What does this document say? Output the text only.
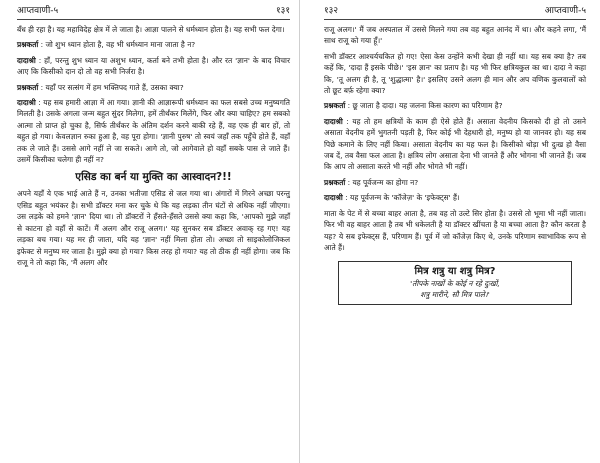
आप्तवाणी-५	१३१

बँध ही रहा है। यह महाविदेह क्षेत्र में ले जाता है। आज्ञा पालने से धर्मध्यान होता है। यह सभी फल देगा।

प्रश्नकर्ता : जो शुभ ध्यान होता है, वह भी धर्मध्यान माना जाता है न?

दादाश्री : हाँ, परन्तु शुभ ध्यान या अशुभ ध्यान, कर्ता बने तभी होता है। और रत 'ज्ञान' के बाद विचार आए कि किसीको दान दो तो वह सभी निर्जरा है।

प्रश्नकर्ता : यहाँ पर सत्संग में हम भक्तिपद गाते हैं, उसका क्या?

दादाश्री : यह सब हमारी आज्ञा में आ गया। ज्ञानी की आज्ञारूपी धर्मध्यान का फल सबसे उच्च मनुष्यगति मिलती है। उसके अगला जन्म बहुत सुंदर मिलेगा, हमें तीर्थंकर मिलेंगे, फिर और क्या चाहिए? हम सबको आत्मा तो प्राप्त हो चुका है, सिर्फ तीर्थंकर के अंतिम दर्शन करने बाकी रहे हैं, वह एक ही बार हों, तो बहुत हो गया। केवलज्ञान रुका हुआ है, वह पूरा होगा। 'ज्ञानी पुरुष' तो स्वयं जहाँ तक पहुँचे होते हैं, वहाँ तक ले जाते हैं। उससे आगे नहीं ले जा सकते। आगे तो, जो आगेवाले हो वहाँ सबके पास ले जाते हैं। उसमें किसीका चलेगा ही नहीं न?

एसिड का बर्न या मुक्ति का आस्वादन?!!

अपने यहाँ ये एक भाई आते हैं न, उनका भतीजा एसिड से जल गया था। अंगारों में गिरने अच्छा परन्तु एसिड बहुत भयंकर है। सभी डॉक्टर मना कर चुके थे कि यह लड़का तीन घंटों से अधिक नहीं जीएगा। उस लड़के को हमने 'ज्ञान' दिया था। तो डॉक्टरों ने हँसते-हँसते उससे क्या कहा कि, 'आपको मुझे जहाँ से काटना हो वहाँ से काटें। मैं अलग और राजू अलग।' यह सुनकर सब डॉक्टर अवाक् रह गए! यह लड़का बच गया। यह मर ही जाता, यदि यह 'ज्ञान' नहीं मिला होता तो। अच्छा तो साइकोलोजिकल इफेक्ट से मनुष्य मर जाता है। मुझे क्या हो गया? किस तरह हो गया? यह तो ठीक ही नहीं होगा। जब कि राजू ने तो कहा कि, 'मैं अलग और

१३२	आप्तवाणी-५

राजू अलग।' मैं जब अस्पताल में उससे मिलने गया तब वह बहुत आनंद में था। और कहने लगा, 'मैं साथ राजू को गया हूँ।'

सभी डॉक्टर आश्चर्यचकित हो गए! ऐसा केस उन्होंने कभी देखा ही नहीं था। यह सब क्या है? तब कहें कि, 'दादा हैं इसके पीछे।' 'इस ज्ञान' का प्रताप है। यह भी फिर क्षत्रियकुल का था। दादा ने कहा कि, 'तू अलग ही है, तू 'शुद्धात्मा' है।' इसलिए उसने अलग ही मान और अप वणिक कुलवालों को तो छूट बर्फ़ रहेगा क्या?

प्रश्नकर्ता : छू जाता है दादा। यह जलना किस कारण का परिणाम है?

दादाश्री : यह तो हम क्षत्रियों के काम ही ऐसे होते हैं। असाता वेदनीय किसको दी हो तो उसने असाता वेदनीय हमें भुगतनी पड़ती है, फिर कोई भी देहधारी हो, मनुष्य हो या जानवर हो। यह सब पिछे कमाने के लिए नहीं किया। असाता वेदनीय का यह फल है। किसीको थोड़ा भी दुःख हो वैसा जब दें, तब वैसा फल आता है। क्षत्रिय लोग असाता देना भी जानते हैं और भोगना भी जानते हैं। जब कि आप तो असाता करते भी नहीं और भोगते भी नहीं।

प्रश्नकर्ता : यह पूर्वजन्म का होगा न?

दादाश्री : यह पूर्वजन्म के 'कॉजेज़' के 'इफेक्ट्स' हैं।

माता के पेट में से बच्चा बाहर आता है, तब वह तो उल्टे सिर होता है। उससे तो भूमा भी नहीं जाता। फिर भी वह बाहर आता है तब भी धकेलती है या डॉक्टर खींचता है या बच्चा आता है? कौन करता है यह? ये सब इफेक्ट्स हैं, परिणाम हैं। पूर्व में जो कॉजेज़ किए थे, उनके परिणाम स्वाभाविक रूप से आते हैं।

मित्र शत्रु या शत्रु मित्र?
'तीपके नाखों के कोई न रहे दुःखों,
शत्रु मारीने, सौ मित्र पाले।'
